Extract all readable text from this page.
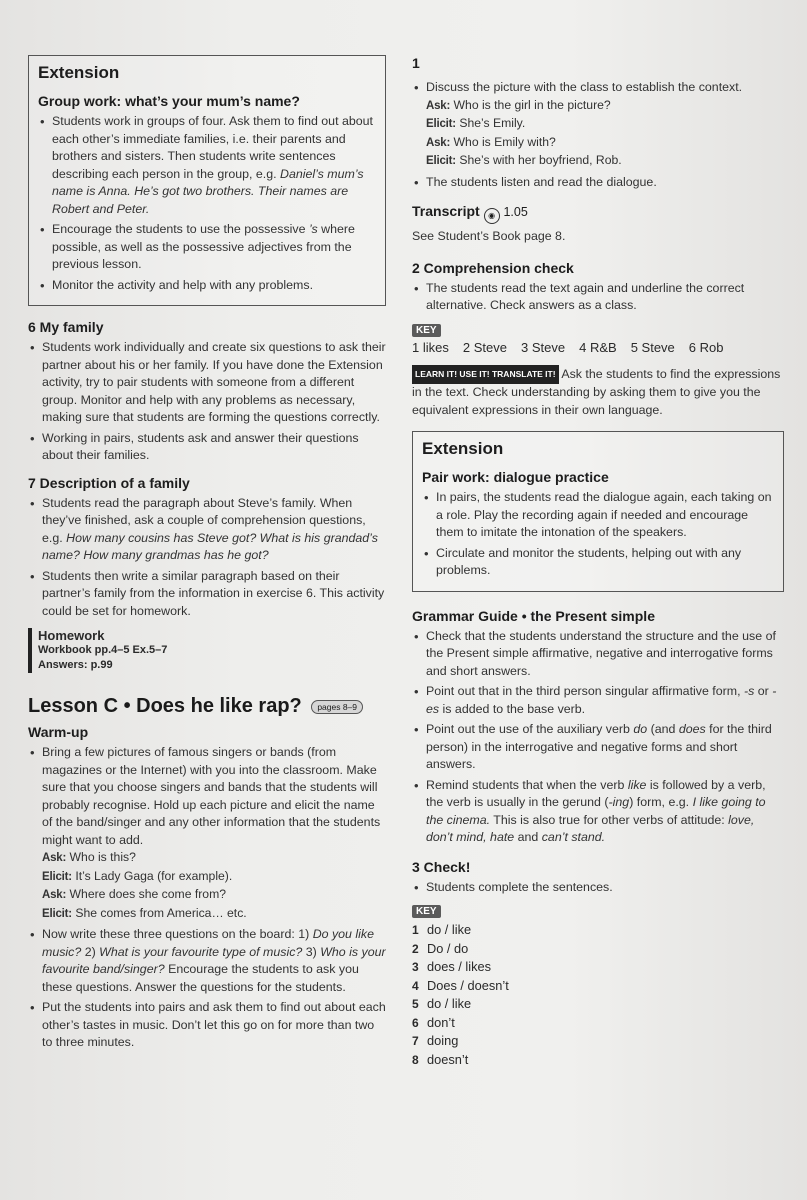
Extension
Group work: what’s your mum’s name?
• Students work in groups of four. Ask them to find out about each other’s immediate families, i.e. their parents and brothers and sisters. Then students write sentences describing each person in the group, e.g. Daniel’s mum’s name is Anna. He’s got two brothers. Their names are Robert and Peter.
• Encourage the students to use the possessive ’s where possible, as well as the possessive adjectives from the previous lesson.
• Monitor the activity and help with any problems.
6 My family
• Students work individually and create six questions to ask their partner about his or her family. If you have done the Extension activity, try to pair students with someone from a different group. Monitor and help with any problems as necessary, making sure that students are forming the questions correctly.
• Working in pairs, students ask and answer their questions about their families.
7 Description of a family
• Students read the paragraph about Steve’s family. When they’ve finished, ask a couple of comprehension questions, e.g. How many cousins has Steve got? What is his grandad’s name? How many grandmas has he got?
• Students then write a similar paragraph based on their partner’s family from the information in exercise 6. This activity could be set for homework.
Homework
Workbook pp.4–5 Ex.5–7
Answers: p.99
Lesson C • Does he like rap? pages 8–9
Warm-up
• Bring a few pictures of famous singers or bands (from magazines or the Internet) with you into the classroom. Make sure that you choose singers and bands that the students will probably recognise. Hold up each picture and elicit the name of the band/singer and any other information that the students might want to add.
Ask: Who is this?
Elicit: It’s Lady Gaga (for example).
Ask: Where does she come from?
Elicit: She comes from America… etc.
• Now write these three questions on the board: 1) Do you like music? 2) What is your favourite type of music? 3) Who is your favourite band/singer? Encourage the students to ask you these questions. Answer the questions for the students.
• Put the students into pairs and ask them to find out about each other’s tastes in music. Don’t let this go on for more than two to three minutes.
1
• Discuss the picture with the class to establish the context.
Ask: Who is the girl in the picture?
Elicit: She’s Emily.
Ask: Who is Emily with?
Elicit: She’s with her boyfriend, Rob.
• The students listen and read the dialogue.
Transcript ◉ 1.05

See Student’s Book page 8.

2 Comprehension check
• The students read the text again and underline the correct alternative. Check answers as a class.
KEY
1 likes 2 Steve 3 Steve 4 R&B 5 Steve 6 Rob

LEARN IT! USE IT! TRANSLATE IT! Ask the students to find the expressions in the text. Check understanding by asking them to give you the equivalent expressions in their own language.

Extension
Pair work: dialogue practice
• In pairs, the students read the dialogue again, each taking on a role. Play the recording again if needed and encourage them to imitate the intonation of the speakers.
• Circulate and monitor the students, helping out with any problems.
Grammar Guide • the Present simple
• Check that the students understand the structure and the use of the Present simple affirmative, negative and interrogative forms and short answers.
• Point out that in the third person singular affirmative form, -s or -es is added to the base verb.
• Point out the use of the auxiliary verb do (and does for the third person) in the interrogative and negative forms and short answers.
• Remind students that when the verb like is followed by a verb, the verb is usually in the gerund (-ing) form, e.g. I like going to the cinema. This is also true for other verbs of attitude: love, don’t mind, hate and can’t stand.
3 Check!
• Students complete the sentences.
KEY
1 do / like
2 Do / do
3 does / likes
4 Does / doesn’t
5 do / like
6 don’t
7 doing
8 doesn’t
